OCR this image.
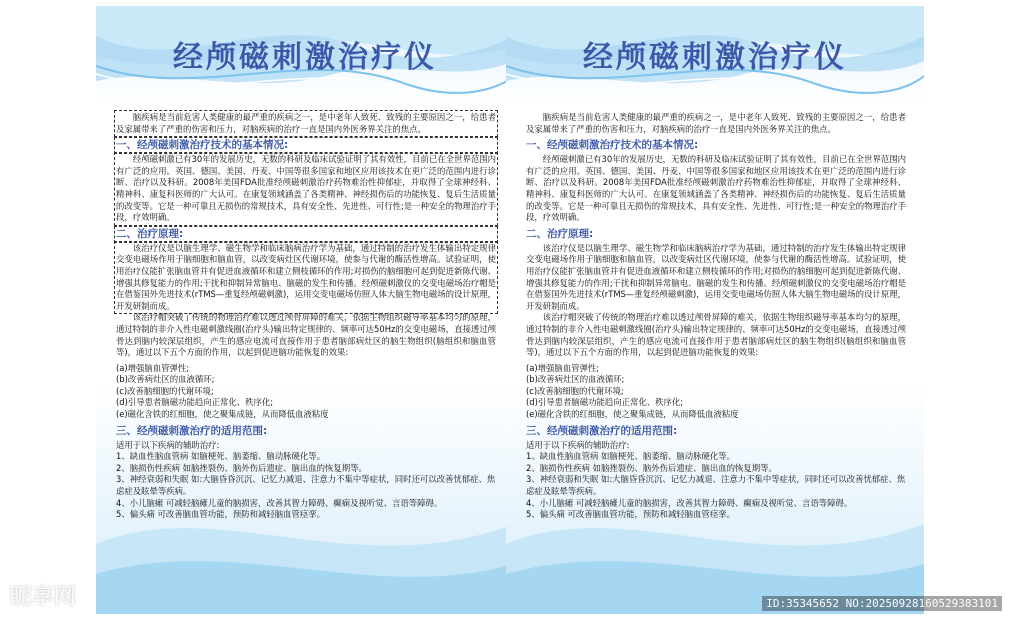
经颅磁刺激治疗仪

脑疾病是当前危害人类健康的最严重的疾病之一，是中老年人致死、致残的主要原因之一，给患者及家属带来了严重的伤害和压力，对脑疾病的治疗一直是国内外医务界关注的焦点。

一、经颅磁刺激治疗技术的基本情况:

经颅磁刺激已有30年的发展历史，无数的科研及临床试验证明了其有效性，目前已在全世界范围内有广泛的应用。英国、德国、美国、丹麦、中国等很多国家和地区应用该技术在更广泛的范围内进行诊断、治疗以及科研。2008年美国FDA批准经颅磁刺激治疗药物难治性抑郁症，并取得了全球神经科、精神科、康复科医师的广大认可。在康复领域涵盖了各类精神、神经损伤后的功能恢复、复后生活质量的改变等。它是一种可靠且无损伤的常规技术，具有安全性、先进性、可行性;是一种安全的物理治疗手段，疗效明确。

二、治疗原理:

该治疗仪是以脑生理学、磁生物学和临床脑病治疗学为基础，通过特制的治疗发生体输出特定规律交变电磁场作用于脑细胞和脑血管，以改变病灶区代谢环境，使参与代谢的酶活性增高。试验证明，使用治疗仪能扩张脑血管并有促进血液循环和建立侧枝循环的作用;对损伤的脑细胞可起到促进新陈代谢、增强其修复能力的作用;干扰和抑制异常脑电、脑磁的发生和传播。经颅磁刺激仪的交变电磁场治疗帽是在借鉴国外先进技术(rTMS—重复经颅磁刺激)，运用交变电磁场仿照人体大脑生物电磁场的设计原理，开发研制而成。

该治疗帽突破了传统的物理治疗难以透过颅骨屏障的难关，依据生物组织磁导率基本均匀的原理，通过特制的非介入性电磁刺激线圈(治疗头)输出特定规律的、频率可达50Hz的交变电磁场，直接透过颅骨达到脑内较深层组织，产生的感应电流可直接作用于患者脑部病灶区的脑生物组织(脑组织和脑血管等)，通过以下五个方面的作用，以起到促进脑功能恢复的效果:

(a)增强脑血管弹性;

(b)改善病灶区的血液循环;

(c)改善脑细胞的代谢环境;

(d)引导患者脑磁功能趋向正常化、秩序化;

(e)磁化含铁的红细胞，使之聚集成链，从而降低血液粘度

三、经颅磁刺激治疗的适用范围:

适用于以下疾病的辅助治疗:

1、缺血性脑血管病 如脑梗死、脑萎缩、脑动脉硬化等。

2、脑损伤性疾病 如脑挫裂伤、脑外伤后遗症、脑出血的恢复期等。

3、神经衰弱和失眠 如:大脑昏昏沉沉、记忆力减退、注意力不集中等症状，同时还可以改善忧郁症、焦虑症及眩晕等疾病。

4、小儿脑瘫 可减轻脑瘫儿童的脑损害，改善其智力障碍、癫痫及视听觉、言语等障碍。

5、偏头痛 可改善脑血管功能，预防和减轻脑血管痉挛。

经颅磁刺激治疗仪

脑疾病是当前危害人类健康的最严重的疾病之一，是中老年人致死、致残的主要原因之一，给患者及家属带来了严重的伤害和压力，对脑疾病的治疗一直是国内外医务界关注的焦点。

一、经颅磁刺激治疗技术的基本情况:

经颅磁刺激已有30年的发展历史，无数的科研及临床试验证明了其有效性，目前已在全世界范围内有广泛的应用。英国、德国、美国、丹麦、中国等很多国家和地区应用该技术在更广泛的范围内进行诊断、治疗以及科研。2008年美国FDA批准经颅磁刺激治疗药物难治性抑郁症，并取得了全球神经科、精神科、康复科医师的广大认可。在康复领域涵盖了各类精神、神经损伤后的功能恢复、复后生活质量的改变等。它是一种可靠且无损伤的常规技术，具有安全性、先进性、可行性;是一种安全的物理治疗手段，疗效明确。

二、治疗原理:

该治疗仪是以脑生理学、磁生物学和临床脑病治疗学为基础，通过特制的治疗发生体输出特定规律交变电磁场作用于脑细胞和脑血管，以改变病灶区代谢环境，使参与代谢的酶活性增高。试验证明，使用治疗仪能扩张脑血管并有促进血液循环和建立侧枝循环的作用;对损伤的脑细胞可起到促进新陈代谢、增强其修复能力的作用;干扰和抑制异常脑电、脑磁的发生和传播。经颅磁刺激仪的交变电磁场治疗帽是在借鉴国外先进技术(rTMS—重复经颅磁刺激)，运用交变电磁场仿照人体大脑生物电磁场的设计原理，开发研制而成。

该治疗帽突破了传统的物理治疗难以透过颅骨屏障的难关，依据生物组织磁导率基本均匀的原理，通过特制的非介入性电磁刺激线圈(治疗头)输出特定规律的、频率可达50Hz的交变电磁场，直接透过颅骨达到脑内较深层组织，产生的感应电流可直接作用于患者脑部病灶区的脑生物组织(脑组织和脑血管等)，通过以下五个方面的作用，以起到促进脑功能恢复的效果:

(a)增强脑血管弹性;

(b)改善病灶区的血液循环;

(c)改善脑细胞的代谢环境;

(d)引导患者脑磁功能趋向正常化、秩序化;

(e)磁化含铁的红细胞，使之聚集成链，从而降低血液粘度

三、经颅磁刺激治疗的适用范围:

适用于以下疾病的辅助治疗:

1、缺血性脑血管病 如脑梗死、脑萎缩、脑动脉硬化等。

2、脑损伤性疾病 如脑挫裂伤、脑外伤后遗症、脑出血的恢复期等。

3、神经衰弱和失眠 如:大脑昏昏沉沉、记忆力减退、注意力不集中等症状，同时还可以改善忧郁症、焦虑症及眩晕等疾病。

4、小儿脑瘫 可减轻脑瘫儿童的脑损害，改善其智力障碍、癫痫及视听觉、言语等障碍。

5、偏头痛 可改善脑血管功能，预防和减轻脑血管痉挛。

昵享网	ID:35345652 NO:20250928160529383101
